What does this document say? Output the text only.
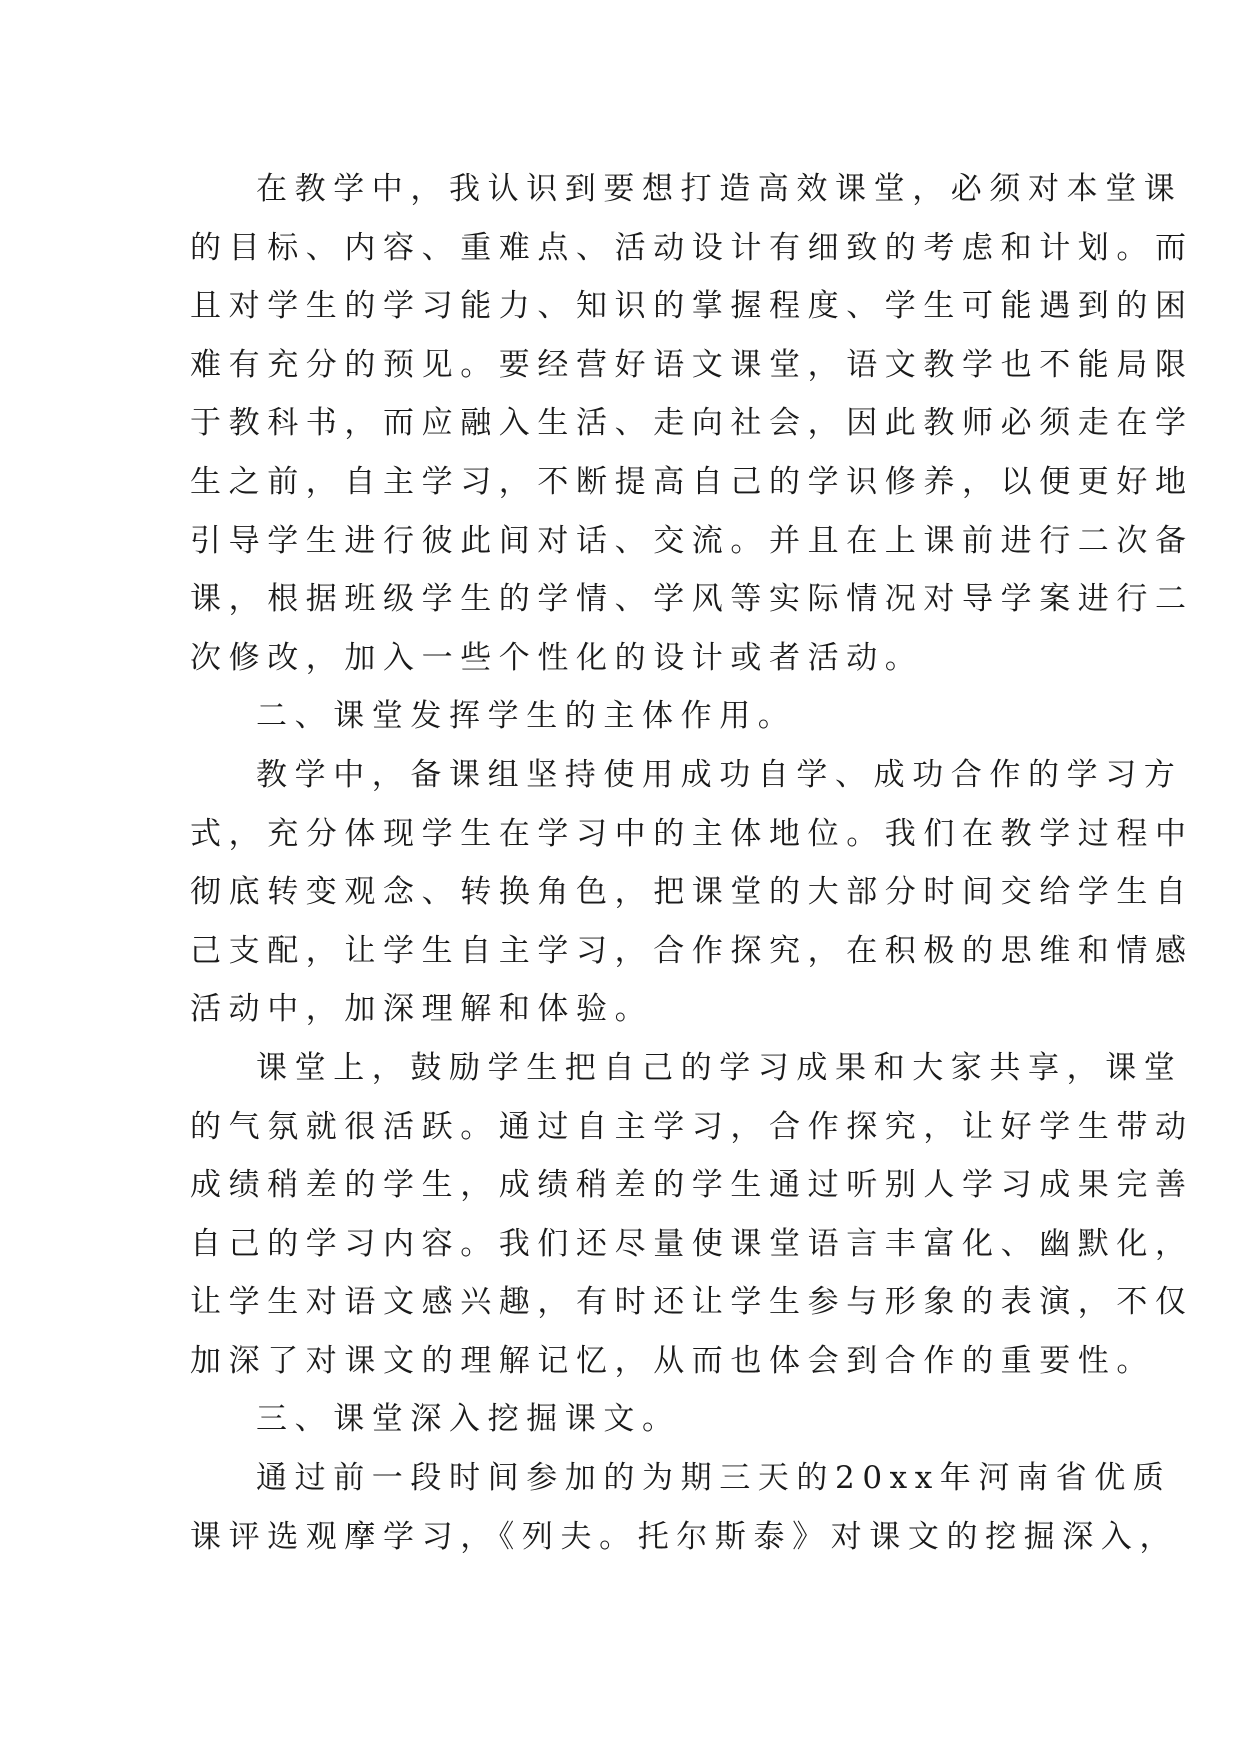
在教学中，我认识到要想打造高效课堂，必须对本堂课
的目标、内容、重难点、活动设计有细致的考虑和计划。而
且对学生的学习能力、知识的掌握程度、学生可能遇到的困
难有充分的预见。要经营好语文课堂，语文教学也不能局限
于教科书，而应融入生活、走向社会，因此教师必须走在学
生之前，自主学习，不断提高自己的学识修养，以便更好地
引导学生进行彼此间对话、交流。并且在上课前进行二次备
课，根据班级学生的学情、学风等实际情况对导学案进行二
次修改，加入一些个性化的设计或者活动。
二、课堂发挥学生的主体作用。
教学中，备课组坚持使用成功自学、成功合作的学习方
式，充分体现学生在学习中的主体地位。我们在教学过程中
彻底转变观念、转换角色，把课堂的大部分时间交给学生自
己支配，让学生自主学习，合作探究，在积极的思维和情感
活动中，加深理解和体验。
课堂上，鼓励学生把自己的学习成果和大家共享，课堂
的气氛就很活跃。通过自主学习，合作探究，让好学生带动
成绩稍差的学生，成绩稍差的学生通过听别人学习成果完善
自己的学习内容。我们还尽量使课堂语言丰富化、幽默化，
让学生对语文感兴趣，有时还让学生参与形象的表演，不仅
加深了对课文的理解记忆，从而也体会到合作的重要性。
三、课堂深入挖掘课文。
通过前一段时间参加的为期三天的20xx年河南省优质
课评选观摩学习，《列夫。托尔斯泰》对课文的挖掘深入，
